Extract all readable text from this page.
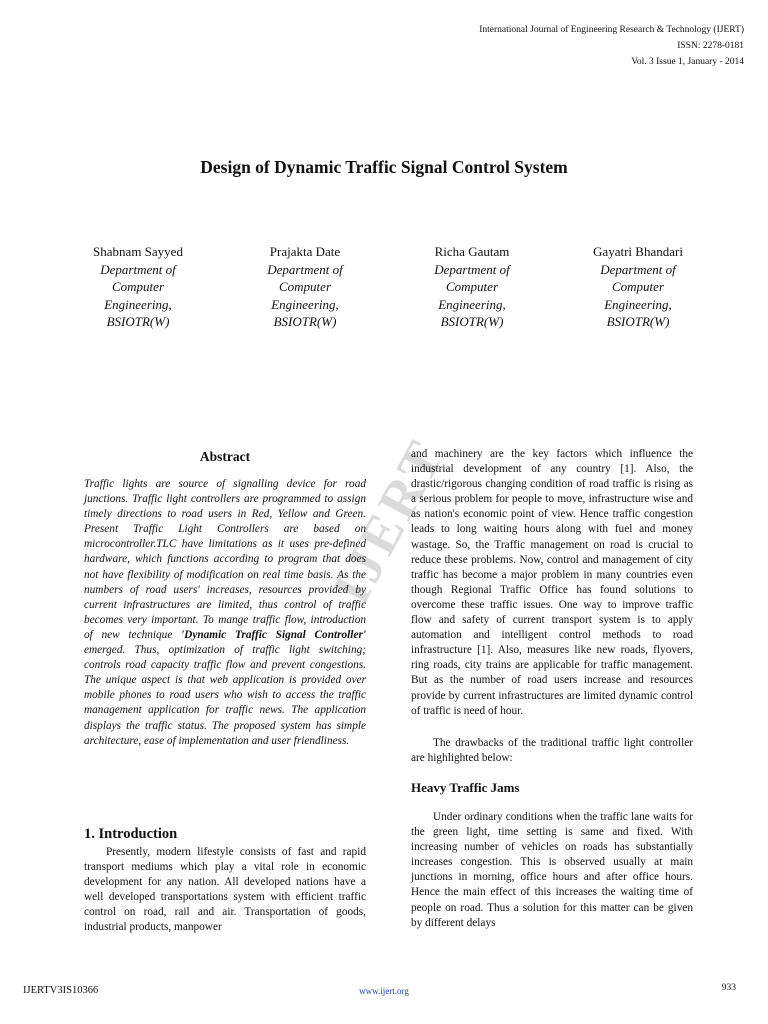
International Journal of Engineering Research & Technology (IJERT)
ISSN: 2278-0181
Vol. 3 Issue 1, January - 2014
Design of Dynamic Traffic Signal Control System
Shabnam Sayyed
Department of
Computer
Engineering,
BSIOTR(W)
Prajakta Date
Department of
Computer
Engineering,
BSIOTR(W)
Richa Gautam
Department of
Computer
Engineering,
BSIOTR(W)
Gayatri Bhandari
Department of
Computer
Engineering,
BSIOTR(W)
IJERT
Abstract

Traffic lights are source of signalling device for road junctions. Traffic light controllers are programmed to assign timely directions to road users in Red, Yellow and Green. Present Traffic Light Controllers are based on microcontroller.TLC have limitations as it uses pre-defined hardware, which functions according to program that does not have flexibility of modification on real time basis. As the numbers of road users' increases, resources provided by current infrastructures are limited, thus control of traffic becomes very important. To mange traffic flow, introduction of new technique 'Dynamic Traffic Signal Controller' emerged. Thus, optimization of traffic light switching; controls road capacity traffic flow and prevent congestions. The unique aspect is that web application is provided over mobile phones to road users who wish to access the traffic management application for traffic news. The application displays the traffic status. The proposed system has simple architecture, ease of implementation and user friendliness.

1. Introduction

Presently, modern lifestyle consists of fast and rapid transport mediums which play a vital role in economic development for any nation. All developed nations have a well developed transportations system with efficient traffic control on road, rail and air. Transportation of goods, industrial products, manpower

and machinery are the key factors which influence the industrial development of any country [1]. Also, the drastic/rigorous changing condition of road traffic is rising as a serious problem for people to move, infrastructure wise and as nation's economic point of view. Hence traffic congestion leads to long waiting hours along with fuel and money wastage. So, the Traffic management on road is crucial to reduce these problems. Now, control and management of city traffic has become a major problem in many countries even though Regional Traffic Office has found solutions to overcome these traffic issues. One way to improve traffic flow and safety of current transport system is to apply automation and intelligent control methods to road infrastructure [1]. Also, measures like new roads, flyovers, ring roads, city trains are applicable for traffic management. But as the number of road users increase and resources provide by current infrastructures are limited dynamic control of traffic is need of hour.

The drawbacks of the traditional traffic light controller are highlighted below:

Heavy Traffic Jams

Under ordinary conditions when the traffic lane waits for the green light, time setting is same and fixed. With increasing number of vehicles on roads has substantially increases congestion. This is observed usually at main junctions in morning, office hours and after office hours. Hence the main effect of this increases the waiting time of people on road. Thus a solution for this matter can be given by different delays

IJERTV3IS10366	www.ijert.org	933
